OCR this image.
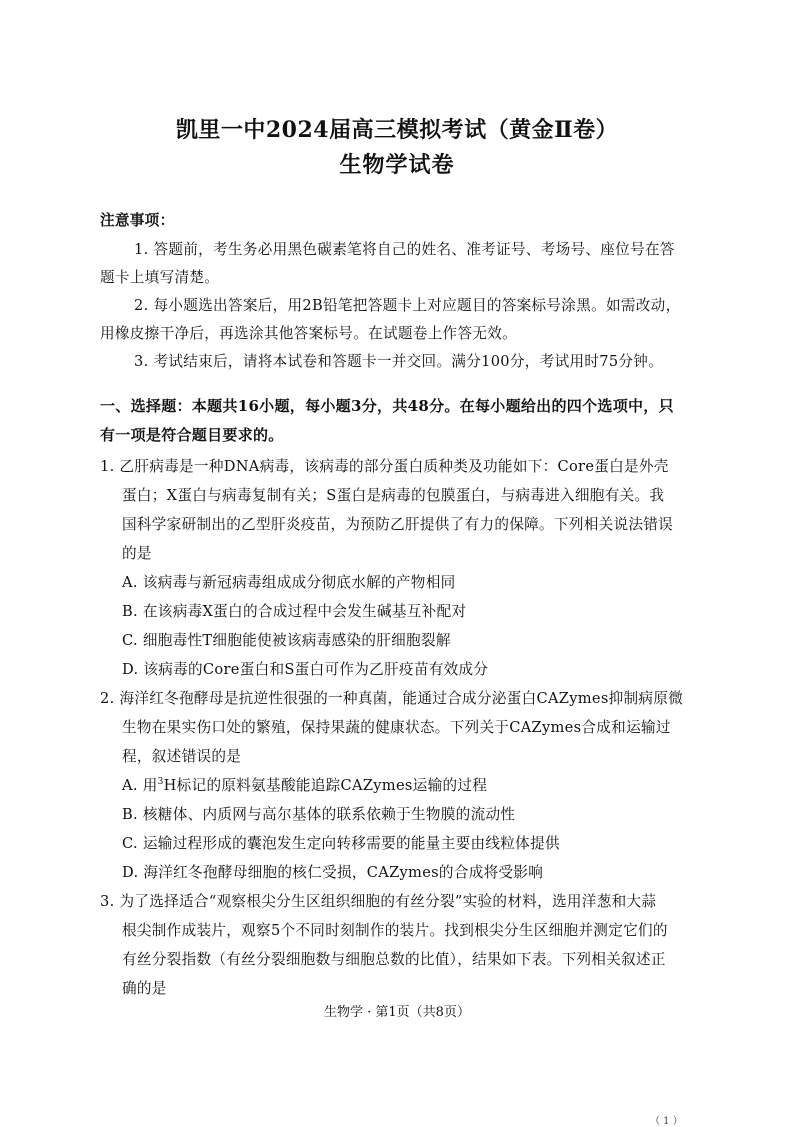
凯里一中2024届高三模拟考试（黄金Ⅱ卷）
生物学试卷
注意事项：
1. 答题前，考生务必用黑色碳素笔将自己的姓名、准考证号、考场号、座位号在答
题卡上填写清楚。
2. 每小题选出答案后，用2B铅笔把答题卡上对应题目的答案标号涂黑。如需改动，
用橡皮擦干净后，再选涂其他答案标号。在试题卷上作答无效。
3. 考试结束后，请将本试卷和答题卡一并交回。满分100分，考试用时75分钟。
一、选择题：本题共16小题，每小题3分，共48分。在每小题给出的四个选项中，只
有一项是符合题目要求的。
1. 乙肝病毒是一种DNA病毒，该病毒的部分蛋白质种类及功能如下：Core蛋白是外壳
蛋白；X蛋白与病毒复制有关；S蛋白是病毒的包膜蛋白，与病毒进入细胞有关。我
国科学家研制出的乙型肝炎疫苗，为预防乙肝提供了有力的保障。下列相关说法错误
的是
A. 该病毒与新冠病毒组成成分彻底水解的产物相同
B. 在该病毒X蛋白的合成过程中会发生碱基互补配对
C. 细胞毒性T细胞能使被该病毒感染的肝细胞裂解
D. 该病毒的Core蛋白和S蛋白可作为乙肝疫苗有效成分
2. 海洋红冬孢酵母是抗逆性很强的一种真菌，能通过合成分泌蛋白CAZymes抑制病原微
生物在果实伤口处的繁殖，保持果蔬的健康状态。下列关于CAZymes合成和运输过
程，叙述错误的是
A. 用$^3$H标记的原料氨基酸能追踪CAZymes运输的过程
B. 核糖体、内质网与高尔基体的联系依赖于生物膜的流动性
C. 运输过程形成的囊泡发生定向转移需要的能量主要由线粒体提供
D. 海洋红冬孢酵母细胞的核仁受损，CAZymes的合成将受影响
3. 为了选择适合“观察根尖分生区组织细胞的有丝分裂”实验的材料，选用洋葱和大蒜
根尖制作成装片，观察5个不同时刻制作的装片。找到根尖分生区细胞并测定它们的
有丝分裂指数（有丝分裂细胞数与细胞总数的比值），结果如下表。下列相关叙述正
确的是
生物学 · 第1页（共8页）
（ 1 ）
